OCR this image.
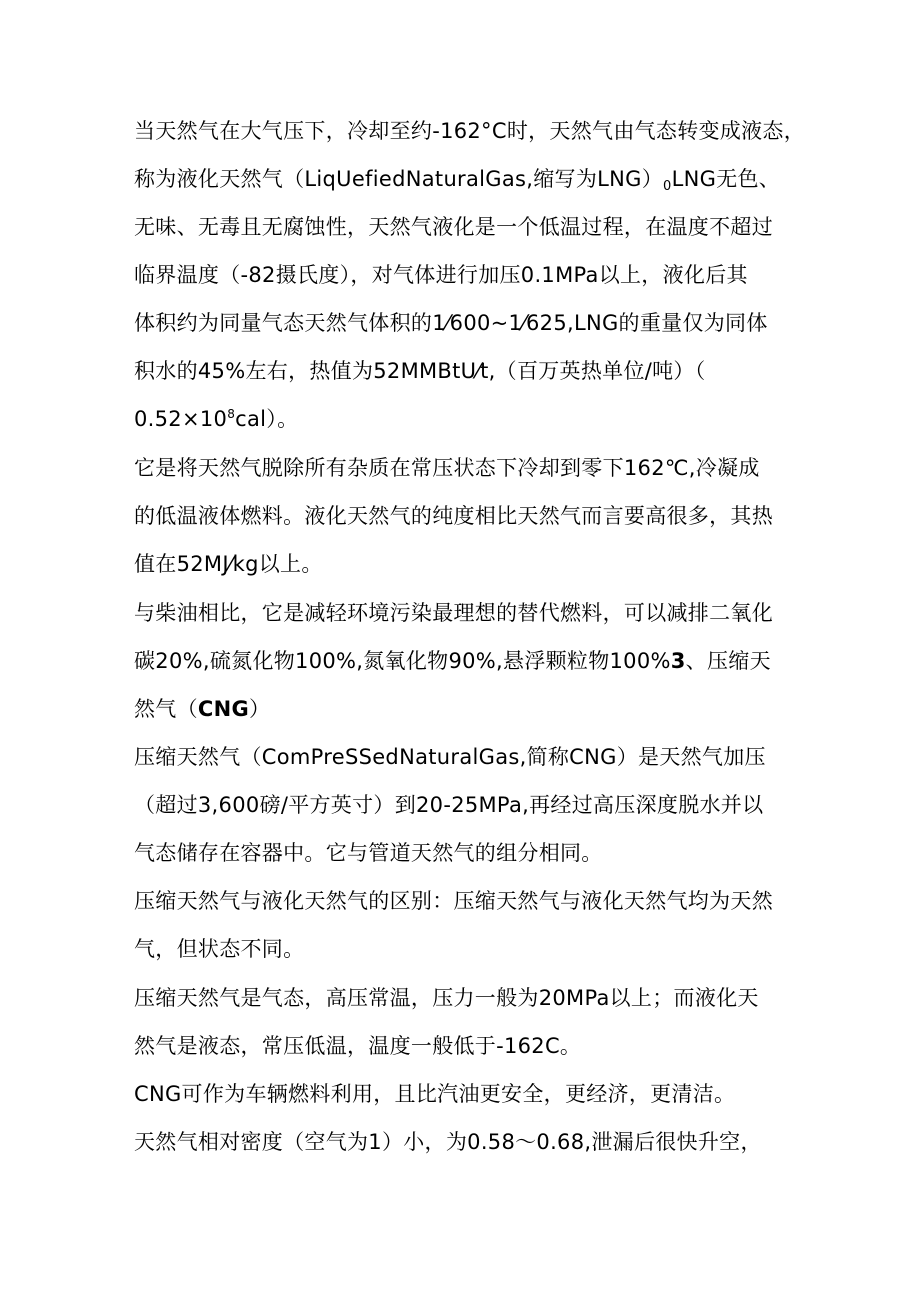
当天然气在大气压下，冷却至约-162°C时，天然气由气态转变成液态，
称为液化天然气（LiqUefiedNaturalGas,缩写为LNG）0LNG无色、
无味、无毒且无腐蚀性，天然气液化是一个低温过程，在温度不超过
临界温度（-82摄氏度），对气体进行加压0.1MPa以上，液化后其
体积约为同量气态天然气体积的1⁄600~1⁄625,LNG的重量仅为同体
积水的45%左右，热值为52MMBtU⁄t,（百万英热单位/吨）（
$0.52\times 10^8cal$）。
它是将天然气脱除所有杂质在常压状态下冷却到零下162℃,冷凝成
的低温液体燃料。液化天然气的纯度相比天然气而言要高很多，其热
值在52MJ⁄kg以上。
与柴油相比，它是减轻环境污染最理想的替代燃料，可以减排二氧化
碳20%,硫氮化物100%,氮氧化物90%,悬浮颗粒物100%3、压缩天
然气（CNG）
压缩天然气（ComPreSSedNaturalGas,简称CNG）是天然气加压
（超过3,600磅/平方英寸）到20-25MPa,再经过高压深度脱水并以
气态储存在容器中。它与管道天然气的组分相同。
压缩天然气与液化天然气的区别：压缩天然气与液化天然气均为天然
气，但状态不同。
压缩天然气是气态，高压常温，压力一般为20MPa以上；而液化天
然气是液态，常压低温，温度一般低于-162C。
CNG可作为车辆燃料利用，且比汽油更安全，更经济，更清洁。
天然气相对密度（空气为1）小，为0.58～0.68,泄漏后很快升空，
